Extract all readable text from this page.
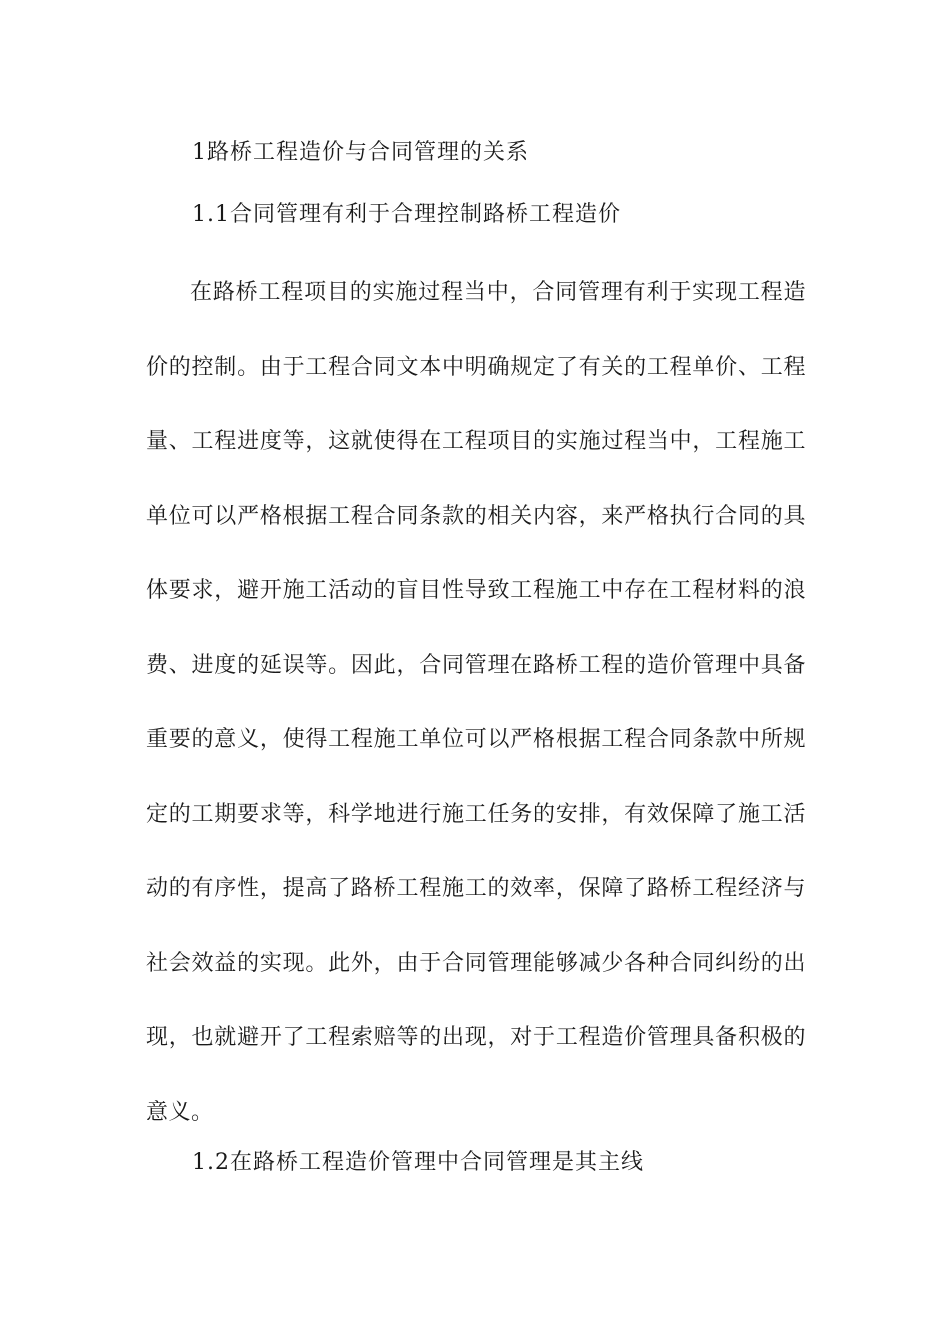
1路桥工程造价与合同管理的关系
1.1合同管理有利于合理控制路桥工程造价

在路桥工程项目的实施过程当中，合同管理有利于实现工程造价的控制。由于工程合同文本中明确规定了有关的工程单价、工程量、工程进度等，这就使得在工程项目的实施过程当中，工程施工单位可以严格根据工程合同条款的相关内容，来严格执行合同的具体要求，避开施工活动的盲目性导致工程施工中存在工程材料的浪费、进度的延误等。因此，合同管理在路桥工程的造价管理中具备重要的意义，使得工程施工单位可以严格根据工程合同条款中所规定的工期要求等，科学地进行施工任务的安排，有效保障了施工活动的有序性，提高了路桥工程施工的效率，保障了路桥工程经济与社会效益的实现。此外，由于合同管理能够减少各种合同纠纷的出现，也就避开了工程索赔等的出现，对于工程造价管理具备积极的意义。

1.2在路桥工程造价管理中合同管理是其主线
